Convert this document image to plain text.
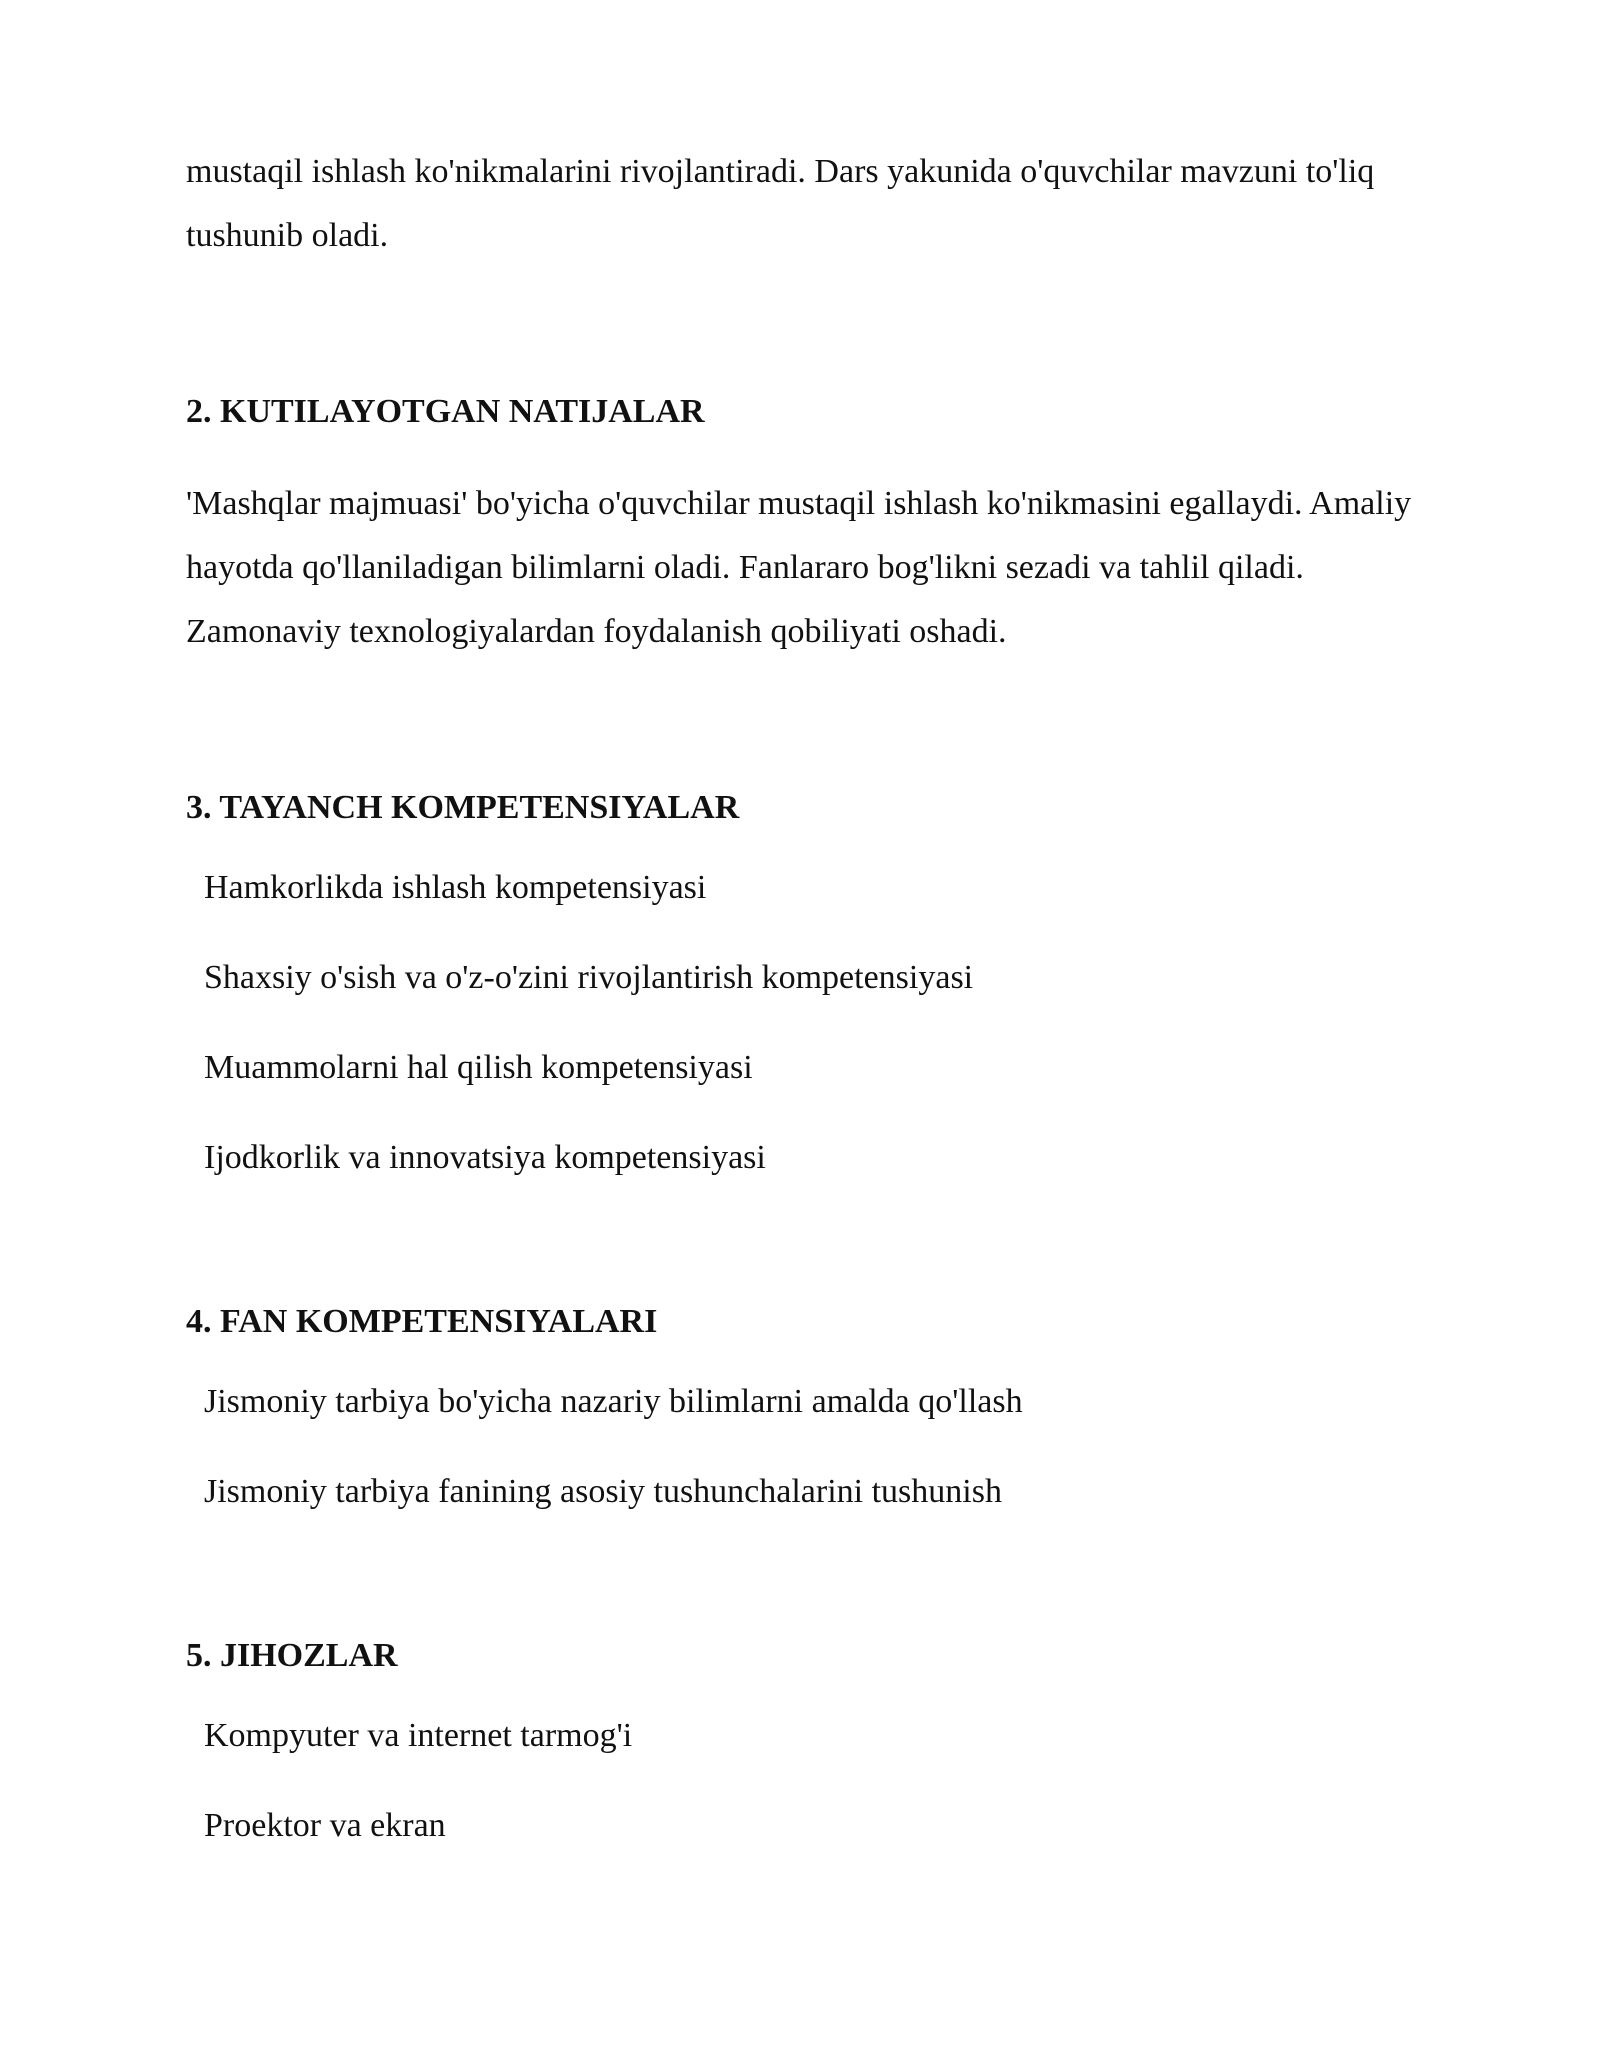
mustaqil ishlash ko'nikmalarini rivojlantiradi. Dars yakunida o'quvchilar mavzuni to'liq tushunib oladi.

2. KUTILAYOTGAN NATIJALAR

'Mashqlar majmuasi' bo'yicha o'quvchilar mustaqil ishlash ko'nikmasini egallaydi. Amaliy hayotda qo'llaniladigan bilimlarni oladi. Fanlararo bog'likni sezadi va tahlil qiladi. Zamonaviy texnologiyalardan foydalanish qobiliyati oshadi.

3. TAYANCH KOMPETENSIYALAR
Hamkorlikda ishlash kompetensiyasi
Shaxsiy o'sish va o'z-o'zini rivojlantirish kompetensiyasi
Muammolarni hal qilish kompetensiyasi
Ijodkorlik va innovatsiya kompetensiyasi
4. FAN KOMPETENSIYALARI
Jismoniy tarbiya bo'yicha nazariy bilimlarni amalda qo'llash
Jismoniy tarbiya fanining asosiy tushunchalarini tushunish
5. JIHOZLAR
Kompyuter va internet tarmog'i
Proektor va ekran
